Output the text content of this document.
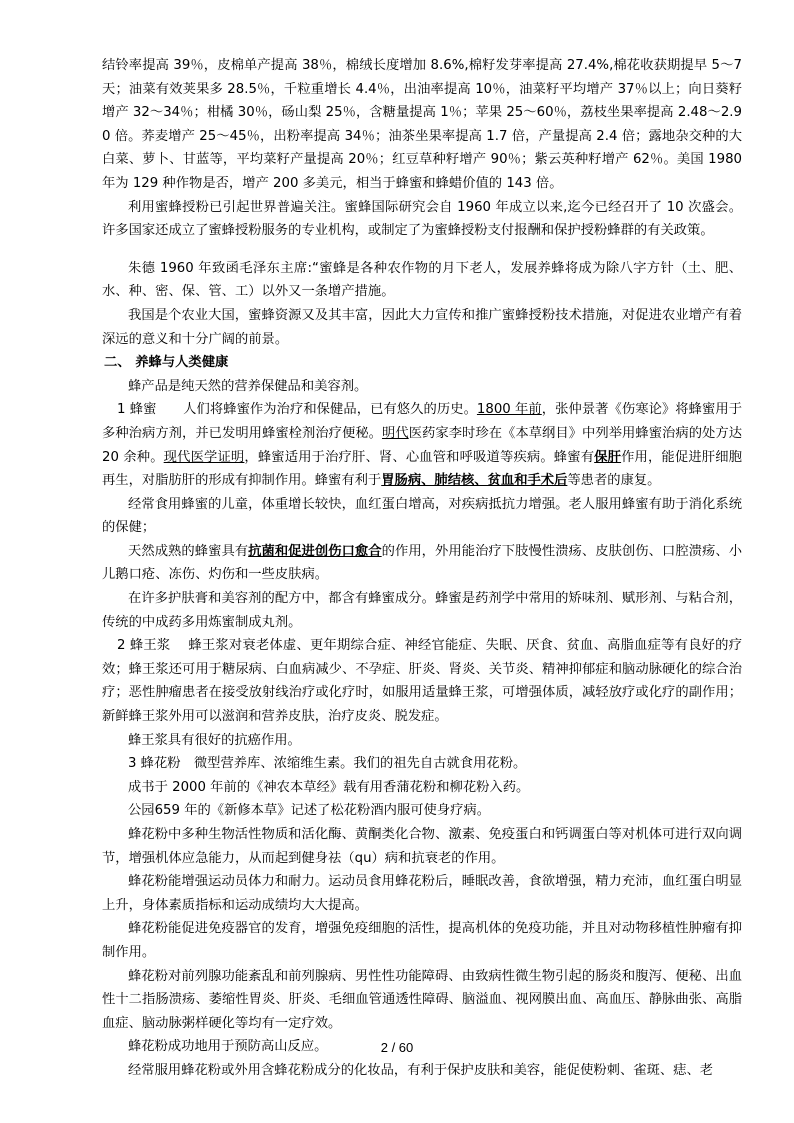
结铃率提高 39％，皮棉单产提高 38％，棉绒长度增加 8.6%,棉籽发芽率提高 27.4%,棉花收获期提早 5～7 天；油菜有效荚果多 28.5％，千粒重增长 4.4％，出油率提高 10％，油菜籽平均增产 37％以上；向日葵籽增产 32～34％；柑橘 30％，砀山梨 25％，含糖量提高 1％；苹果 25～60％，荔枝坐果率提高 2.48～2.90 倍。荞麦增产 25～45％，出粉率提高 34％；油茶坐果率提高 1.7 倍，产量提高 2.4 倍；露地杂交种的大白菜、萝卜、甘蓝等，平均菜籽产量提高 20％；红豆草种籽增产 90％；紫云英种籽增产 62％。美国 1980 年为 129 种作物是否，增产 200 多美元，相当于蜂蜜和蜂蜡价值的 143 倍。

利用蜜蜂授粉已引起世界普遍关注。蜜蜂国际研究会自 1960 年成立以来,迄今已经召开了 10 次盛会。许多国家还成立了蜜蜂授粉服务的专业机构，或制定了为蜜蜂授粉支付报酬和保护授粉蜂群的有关政策。

朱德 1960 年致函毛泽东主席:“蜜蜂是各种农作物的月下老人，发展养蜂将成为除八字方针（土、肥、水、种、密、保、管、工）以外又一条增产措施。

我国是个农业大国，蜜蜂资源又及其丰富，因此大力宣传和推广蜜蜂授粉技术措施，对促进农业增产有着深远的意义和十分广阔的前景。

二、 养蜂与人类健康

蜂产品是纯天然的营养保健品和美容剂。

1 蜂蜜　　人们将蜂蜜作为治疗和保健品，已有悠久的历史。1800 年前，张仲景著《伤寒论》将蜂蜜用于多种治病方剂，并已发明用蜂蜜栓剂治疗便秘。明代医药家李时珍在《本草纲目》中列举用蜂蜜治病的处方达 20 余种。现代医学证明，蜂蜜适用于治疗肝、肾、心血管和呼吸道等疾病。蜂蜜有保肝作用，能促进肝细胞再生，对脂肪肝的形成有抑制作用。蜂蜜有利于胃肠病、肺结核、贫血和手术后等患者的康复。

经常食用蜂蜜的儿童，体重增长较快，血红蛋白增高，对疾病抵抗力增强。老人服用蜂蜜有助于消化系统的保健；

天然成熟的蜂蜜具有抗菌和促进创伤口愈合的作用，外用能治疗下肢慢性溃疡、皮肤创伤、口腔溃疡、小儿鹅口疮、冻伤、灼伤和一些皮肤病。

在许多护肤膏和美容剂的配方中，都含有蜂蜜成分。蜂蜜是药剂学中常用的矫味剂、赋形剂、与粘合剂，传统的中成药多用炼蜜制成丸剂。

2 蜂王浆　 蜂王浆对衰老体虚、更年期综合症、神经官能症、失眠、厌食、贫血、高脂血症等有良好的疗效；蜂王浆还可用于糖尿病、白血病减少、不孕症、肝炎、肾炎、关节炎、精神抑郁症和脑动脉硬化的综合治疗；恶性肿瘤患者在接受放射线治疗或化疗时，如服用适量蜂王浆，可增强体质，减轻放疗或化疗的副作用；新鲜蜂王浆外用可以滋润和营养皮肤，治疗皮炎、脱发症。

蜂王浆具有很好的抗癌作用。

3 蜂花粉　微型营养库、浓缩维生素。我们的祖先自古就食用花粉。

成书于 2000 年前的《神农本草经》载有用香蒲花粉和柳花粉入药。

公园659 年的《新修本草》记述了松花粉酒内服可使身疗病。

蜂花粉中多种生物活性物质和活化酶、黄酮类化合物、激素、免疫蛋白和钙调蛋白等对机体可进行双向调节，增强机体应急能力，从而起到健身祛（qu）病和抗衰老的作用。

蜂花粉能增强运动员体力和耐力。运动员食用蜂花粉后，睡眠改善，食欲增强，精力充沛，血红蛋白明显上升，身体素质指标和运动成绩均大大提高。

蜂花粉能促进免疫器官的发育，增强免疫细胞的活性，提高机体的免疫功能，并且对动物移植性肿瘤有抑制作用。

蜂花粉对前列腺功能紊乱和前列腺病、男性性功能障碍、由致病性微生物引起的肠炎和腹泻、便秘、出血性十二指肠溃疡、萎缩性胃炎、肝炎、毛细血管通透性障碍、脑溢血、视网膜出血、高血压、静脉曲张、高脂血症、脑动脉粥样硬化等均有一定疗效。

蜂花粉成功地用于预防高山反应。

经常服用蜂花粉或外用含蜂花粉成分的化妆品，有利于保护皮肤和美容，能促使粉刺、雀斑、痣、老

2 / 60
